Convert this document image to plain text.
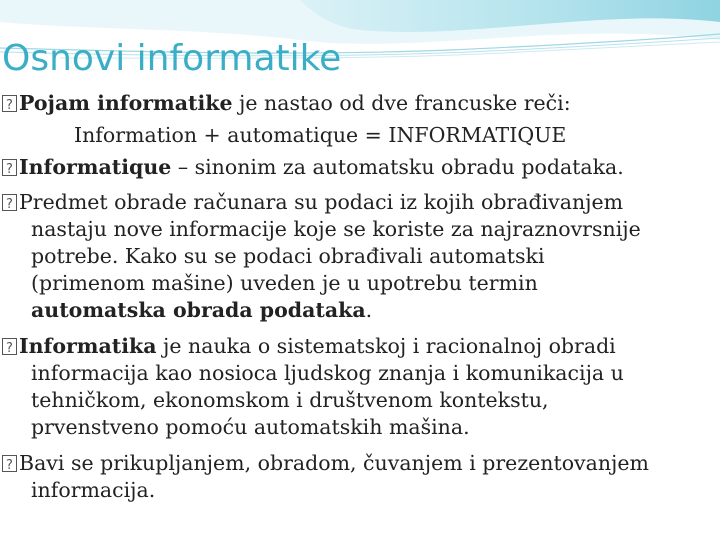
Osnovi informatike
?Pojam informatike je nastao od dve francuske reči:
Information + automatique = INFORMATIQUE
?Informatique – sinonim za automatsku obradu podataka.
?Predmet obrade računara su podaci iz kojih obrađivanjem
nastaju nove informacije koje se koriste za najraznovrsnije
potrebe. Kako su se podaci obrađivali automatski
(primenom mašine) uveden je u upotrebu termin
automatska obrada podataka.
?Informatika je nauka o sistematskoj i racionalnoj obradi
informacija kao nosioca ljudskog znanja i komunikacija u
tehničkom, ekonomskom i društvenom kontekstu,
prvenstveno pomoću automatskih mašina.
?Bavi se prikupljanjem, obradom, čuvanjem i prezentovanjem
informacija.
